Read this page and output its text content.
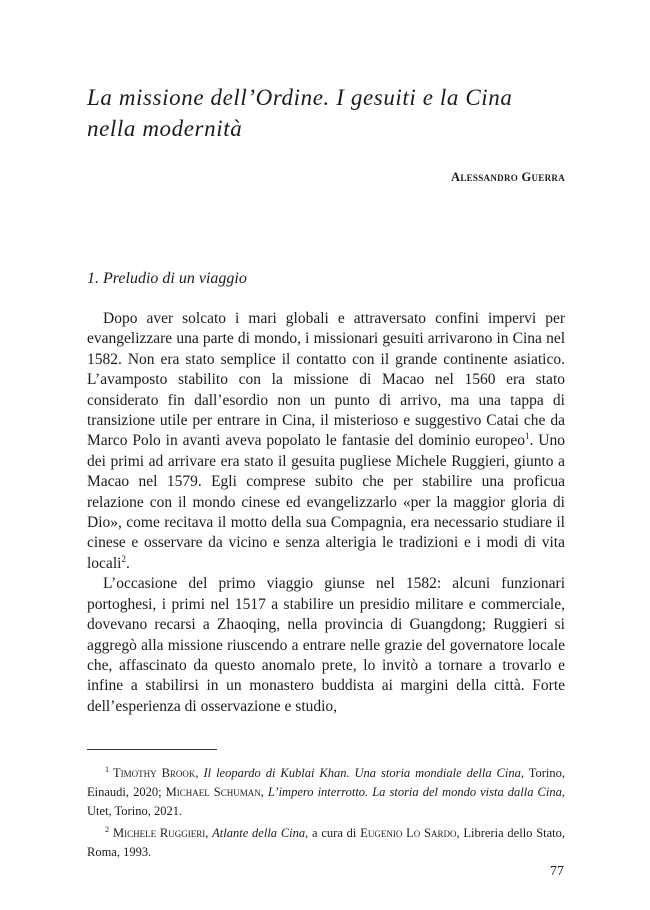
La missione dell’Ordine. I gesuiti e la Cina nella modernità
Alessandro Guerra
1. Preludio di un viaggio

Dopo aver solcato i mari globali e attraversato confini impervi per evangelizzare una parte di mondo, i missionari gesuiti arrivarono in Cina nel 1582. Non era stato semplice il contatto con il grande continente asiatico. L’avamposto stabilito con la missione di Macao nel 1560 era stato considerato fin dall’esordio non un punto di arrivo, ma una tappa di transizione utile per entrare in Cina, il misterioso e suggestivo Catai che da Marco Polo in avanti aveva popolato le fantasie del dominio europeo$^1$. Uno dei primi ad arrivare era stato il gesuita pugliese Michele Ruggieri, giunto a Macao nel 1579. Egli comprese subito che per stabilire una proficua relazione con il mondo cinese ed evangelizzarlo «per la maggior gloria di Dio», come recitava il motto della sua Compagnia, era necessario studiare il cinese e osservare da vicino e senza alterigia le tradizioni e i modi di vita locali$^2$.

L’occasione del primo viaggio giunse nel 1582: alcuni funzionari portoghesi, i primi nel 1517 a stabilire un presidio militare e commerciale, dovevano recarsi a Zhaoqing, nella provincia di Guangdong; Ruggieri si aggregò alla missione riuscendo a entrare nelle grazie del governatore locale che, affascinato da questo anomalo prete, lo invitò a tornare a trovarlo e infine a stabilirsi in un monastero buddista ai margini della città. Forte dell’esperienza di osservazione e studio,

$^1$ Timothy Brook, Il leopardo di Kublai Khan. Una storia mondiale della Cina, Torino, Einaudi, 2020; Michael Schuman, L’impero interrotto. La storia del mondo vista dalla Cina, Utet, Torino, 2021.

$^2$ Michele Ruggieri, Atlante della Cina, a cura di Eugenio Lo Sardo, Libreria dello Stato, Roma, 1993.

77
